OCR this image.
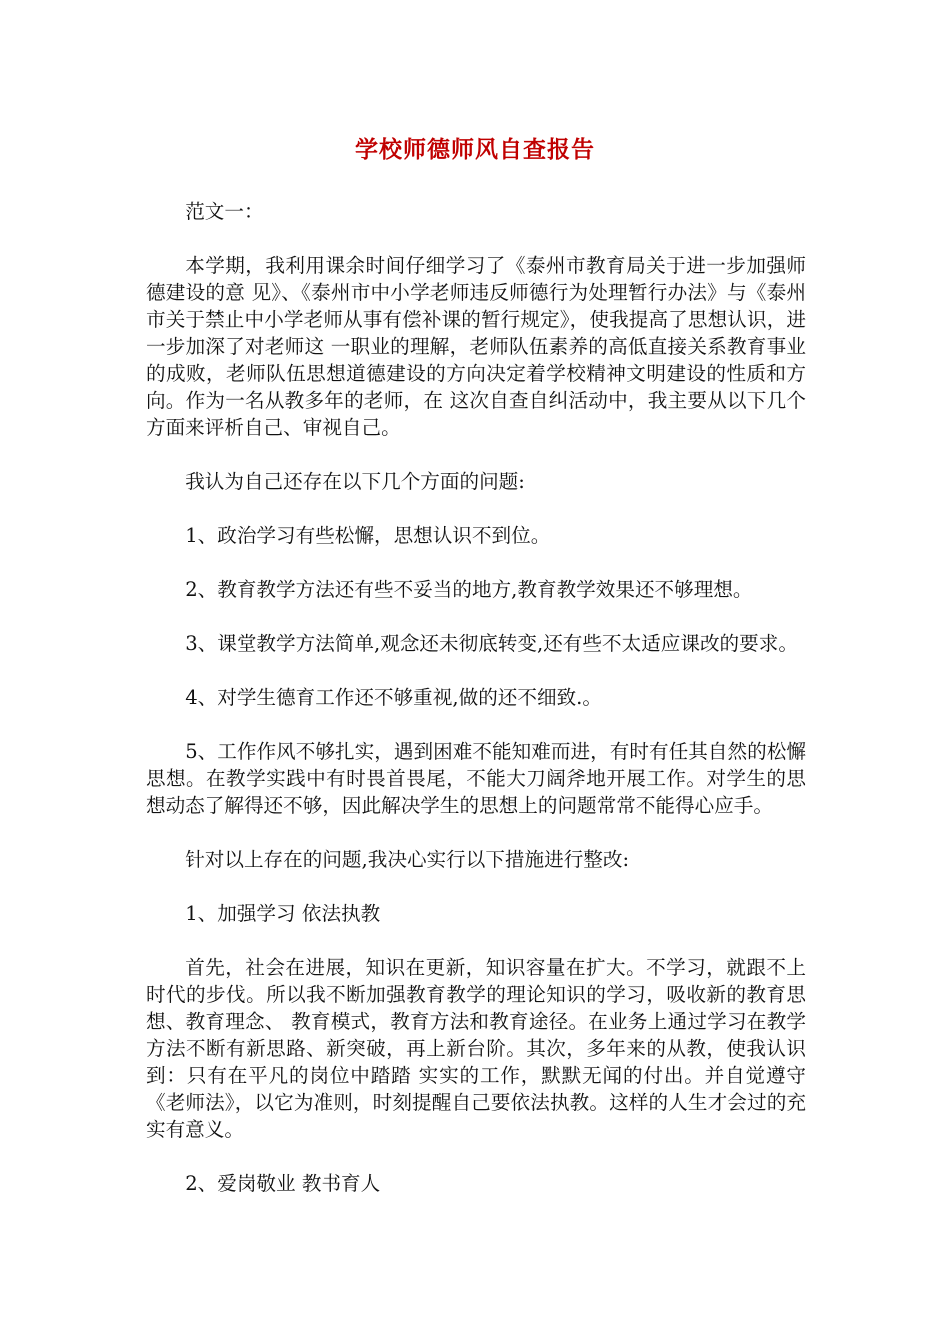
学校师德师风自查报告

范文一：

本学期，我利用课余时间仔细学习了《泰州市教育局关于进一步加强师德建设的意 见》、《泰州市中小学老师违反师德行为处理暂行办法》与《泰州市关于禁止中小学老师从事有偿补课的暂行规定》，使我提高了思想认识，进一步加深了对老师这 一职业的理解，老师队伍素养的高低直接关系教育事业的成败，老师队伍思想道德建设的方向决定着学校精神文明建设的性质和方向。作为一名从教多年的老师，在 这次自查自纠活动中，我主要从以下几个方面来评析自己、审视自己。

我认为自己还存在以下几个方面的问题:

1、政治学习有些松懈，思想认识不到位。

2、教育教学方法还有些不妥当的地方,教育教学效果还不够理想。

3、课堂教学方法简单,观念还未彻底转变,还有些不太适应课改的要求。

4、对学生德育工作还不够重视,做的还不细致.。

5、工作作风不够扎实，遇到困难不能知难而进，有时有任其自然的松懈思想。在教学实践中有时畏首畏尾，不能大刀阔斧地开展工作。对学生的思想动态了解得还不够，因此解决学生的思想上的问题常常不能得心应手。

针对以上存在的问题,我决心实行以下措施进行整改:

1、加强学习 依法执教

首先，社会在进展，知识在更新，知识容量在扩大。不学习，就跟不上时代的步伐。所以我不断加强教育教学的理论知识的学习，吸收新的教育思想、教育理念、 教育模式，教育方法和教育途径。在业务上通过学习在教学方法不断有新思路、新突破，再上新台阶。其次，多年来的从教，使我认识到：只有在平凡的岗位中踏踏 实实的工作，默默无闻的付出。并自觉遵守《老师法》，以它为准则，时刻提醒自己要依法执教。这样的人生才会过的充实有意义。

2、爱岗敬业 教书育人
